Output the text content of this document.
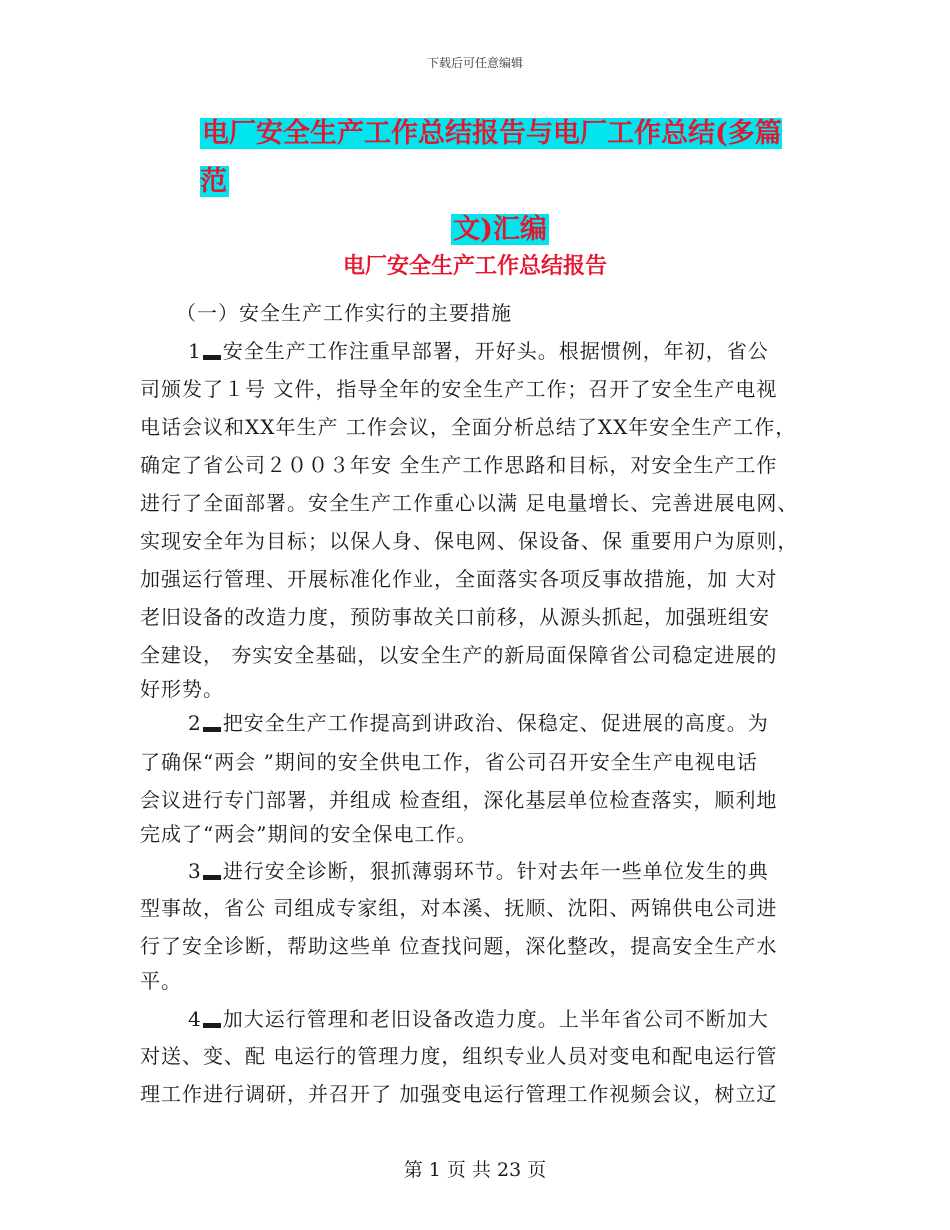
下载后可任意编辑
电厂安全生产工作总结报告与电厂工作总结(多篇范
文)汇编
电厂安全生产工作总结报告
（一）安全生产工作实行的主要措施
1 安全生产工作注重早部署，开好头。根据惯例，年初，省公
司颁发了１号 文件，指导全年的安全生产工作；召开了安全生产电视
电话会议和XX年生产 工作会议，全面分析总结了XX年安全生产工作，
确定了省公司２００３年安 全生产工作思路和目标，对安全生产工作
进行了全面部署。安全生产工作重心以满 足电量增长、完善进展电网、
实现安全年为目标；以保人身、保电网、保设备、保 重要用户为原则，
加强运行管理、开展标准化作业，全面落实各项反事故措施，加 大对
老旧设备的改造力度，预防事故关口前移，从源头抓起，加强班组安
全建设， 夯实安全基础，以安全生产的新局面保障省公司稳定进展的
好形势。
2 把安全生产工作提高到讲政治、保稳定、促进展的高度。为
了确保“两会 ”期间的安全供电工作，省公司召开安全生产电视电话
会议进行专门部署，并组成 检查组，深化基层单位检查落实，顺利地
完成了“两会”期间的安全保电工作。
3 进行安全诊断，狠抓薄弱环节。针对去年一些单位发生的典
型事故，省公 司组成专家组，对本溪、抚顺、沈阳、两锦供电公司进
行了安全诊断，帮助这些单 位查找问题，深化整改，提高安全生产水
平。
4 加大运行管理和老旧设备改造力度。上半年省公司不断加大
对送、变、配 电运行的管理力度，组织专业人员对变电和配电运行管
理工作进行调研，并召开了 加强变电运行管理工作视频会议，树立辽
第 1 页 共 23 页
